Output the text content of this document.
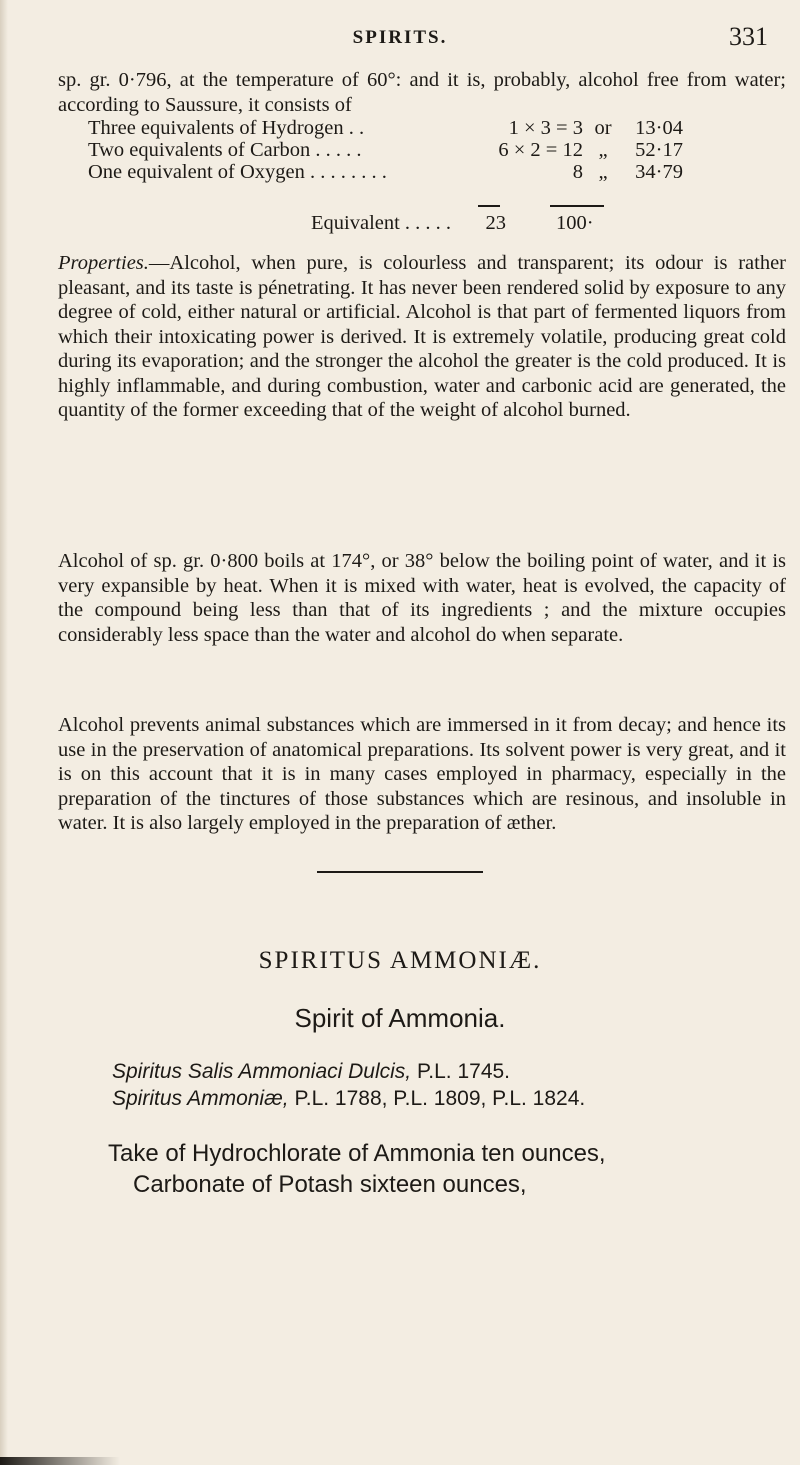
SPIRITS.	331

sp. gr. 0·796, at the temperature of 60°: and it is, probably, alcohol free from water; according to Saussure, it consists of

Three equivalents of Hydrogen . .	1 × 3 = 3 or	13·04
Two equivalents of Carbon . . . . .	6 × 2 = 12 „	52·17
One equivalent of Oxygen . . . . . . . .	8 „	34·79
Equivalent . . . . .	23 100·

Properties.—Alcohol, when pure, is colourless and transparent; its odour is rather pleasant, and its taste is pénetrating. It has never been rendered solid by exposure to any degree of cold, either natural or artificial. Alcohol is that part of fermented liquors from which their intoxicating power is derived. It is extremely volatile, producing great cold during its evaporation; and the stronger the alcohol the greater is the cold produced. It is highly inflammable, and during combustion, water and carbonic acid are generated, the quantity of the former exceeding that of the weight of alcohol burned.

Alcohol of sp. gr. 0·800 boils at 174°, or 38° below the boiling point of water, and it is very expansible by heat. When it is mixed with water, heat is evolved, the capacity of the compound being less than that of its ingredients ; and the mixture occupies considerably less space than the water and alcohol do when separate.

Alcohol prevents animal substances which are immersed in it from decay; and hence its use in the preservation of anatomical preparations. Its solvent power is very great, and it is on this account that it is in many cases employed in pharmacy, especially in the preparation of the tinctures of those substances which are resinous, and insoluble in water. It is also largely employed in the preparation of æther.

SPIRITUS AMMONIÆ.
Spirit of Ammonia.
Spiritus Salis Ammoniaci Dulcis, P.L. 1745.
Spiritus Ammoniæ, P.L. 1788, P.L. 1809, P.L. 1824.
Take of Hydrochlorate of Ammonia ten ounces,
Carbonate of Potash sixteen ounces,
